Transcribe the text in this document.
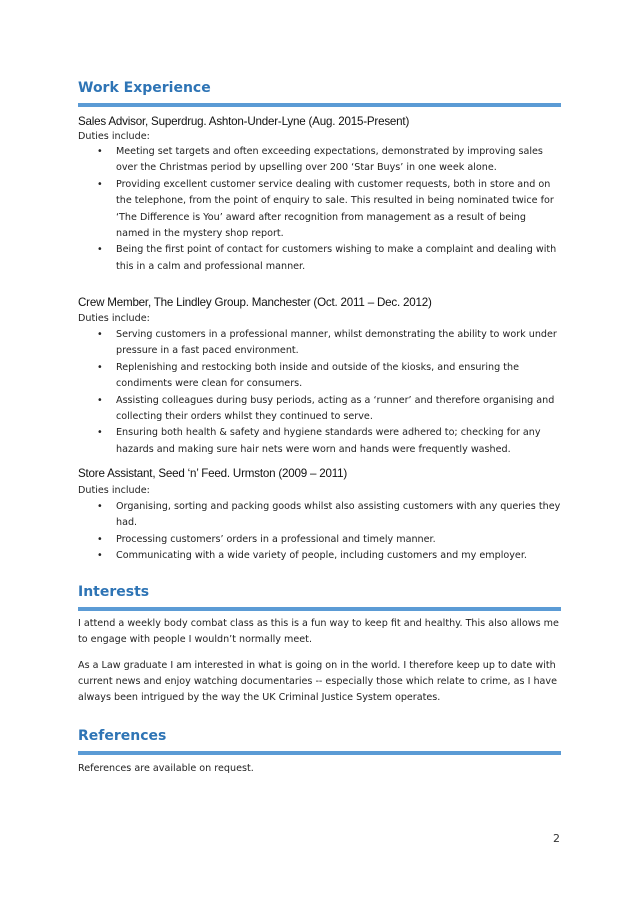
Work Experience

Sales Advisor, Superdrug. Ashton-Under-Lyne (Aug. 2015-Present)

Duties include:

• Meeting set targets and often exceeding expectations, demonstrated by improving sales over the Christmas period by upselling over 200 ‘Star Buys’ in one week alone.
• Providing excellent customer service dealing with customer requests, both in store and on the telephone, from the point of enquiry to sale. This resulted in being nominated twice for ‘The Difference is You’ award after recognition from management as a result of being named in the mystery shop report.
• Being the first point of contact for customers wishing to make a complaint and dealing with this in a calm and professional manner.

Crew Member, The Lindley Group. Manchester (Oct. 2011 – Dec. 2012)

Duties include:

• Serving customers in a professional manner, whilst demonstrating the ability to work under pressure in a fast paced environment.
• Replenishing and restocking both inside and outside of the kiosks, and ensuring the condiments were clean for consumers.
• Assisting colleagues during busy periods, acting as a ‘runner’ and therefore organising and collecting their orders whilst they continued to serve.
• Ensuring both health & safety and hygiene standards were adhered to; checking for any hazards and making sure hair nets were worn and hands were frequently washed.

Store Assistant, Seed ‘n’ Feed. Urmston (2009 – 2011)

Duties include:

• Organising, sorting and packing goods whilst also assisting customers with any queries they had.
• Processing customers’ orders in a professional and timely manner.
• Communicating with a wide variety of people, including customers and my employer.
Interests

I attend a weekly body combat class as this is a fun way to keep fit and healthy. This also allows me to engage with people I wouldn’t normally meet.

As a Law graduate I am interested in what is going on in the world. I therefore keep up to date with current news and enjoy watching documentaries -- especially those which relate to crime, as I have always been intrigued by the way the UK Criminal Justice System operates.

References

References are available on request.

2
